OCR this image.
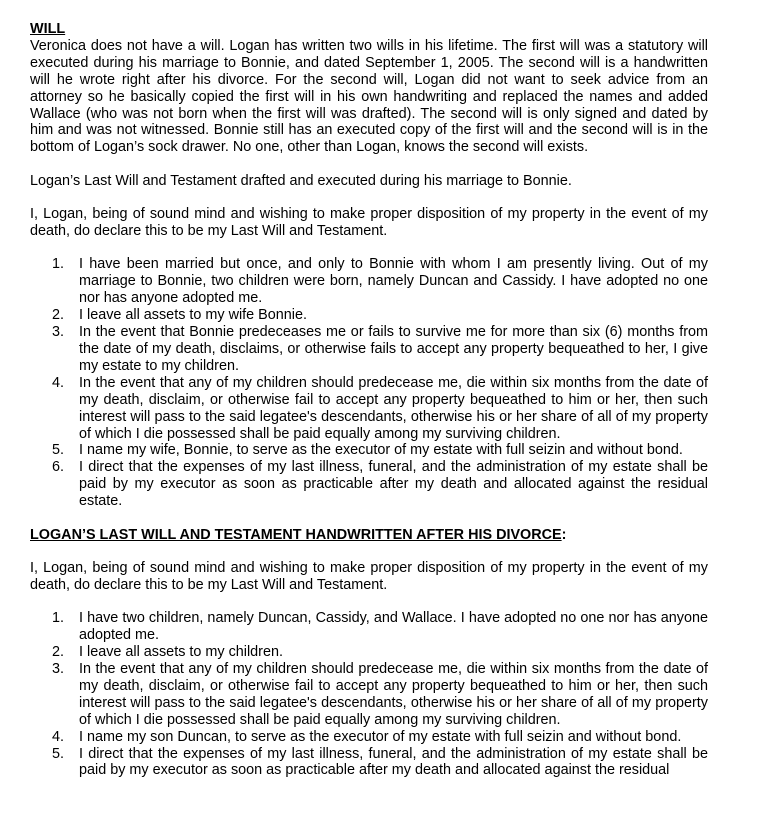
WILL

Veronica does not have a will. Logan has written two wills in his lifetime. The first will was a statutory will executed during his marriage to Bonnie, and dated September 1, 2005. The second will is a handwritten will he wrote right after his divorce. For the second will, Logan did not want to seek advice from an attorney so he basically copied the first will in his own handwriting and replaced the names and added Wallace (who was not born when the first will was drafted). The second will is only signed and dated by him and was not witnessed. Bonnie still has an executed copy of the first will and the second will is in the bottom of Logan’s sock drawer. No one, other than Logan, knows the second will exists.

Logan’s Last Will and Testament drafted and executed during his marriage to Bonnie.

I, Logan, being of sound mind and wishing to make proper disposition of my property in the event of my death, do declare this to be my Last Will and Testament.

1. I have been married but once, and only to Bonnie with whom I am presently living. Out of my marriage to Bonnie, two children were born, namely Duncan and Cassidy. I have adopted no one nor has anyone adopted me.
2. I leave all assets to my wife Bonnie.
3. In the event that Bonnie predeceases me or fails to survive me for more than six (6) months from the date of my death, disclaims, or otherwise fails to accept any property bequeathed to her, I give my estate to my children.
4. In the event that any of my children should predecease me, die within six months from the date of my death, disclaim, or otherwise fail to accept any property bequeathed to him or her, then such interest will pass to the said legatee's descendants, otherwise his or her share of all of my property of which I die possessed shall be paid equally among my surviving children.
5. I name my wife, Bonnie, to serve as the executor of my estate with full seizin and without bond.
6. I direct that the expenses of my last illness, funeral, and the administration of my estate shall be paid by my executor as soon as practicable after my death and allocated against the residual estate.

LOGAN’S LAST WILL AND TESTAMENT HANDWRITTEN AFTER HIS DIVORCE:

I, Logan, being of sound mind and wishing to make proper disposition of my property in the event of my death, do declare this to be my Last Will and Testament.

1. I have two children, namely Duncan, Cassidy, and Wallace. I have adopted no one nor has anyone adopted me.
2. I leave all assets to my children.
3. In the event that any of my children should predecease me, die within six months from the date of my death, disclaim, or otherwise fail to accept any property bequeathed to him or her, then such interest will pass to the said legatee's descendants, otherwise his or her share of all of my property of which I die possessed shall be paid equally among my surviving children.
4. I name my son Duncan, to serve as the executor of my estate with full seizin and without bond.
5. I direct that the expenses of my last illness, funeral, and the administration of my estate shall be paid by my executor as soon as practicable after my death and allocated against the residual
